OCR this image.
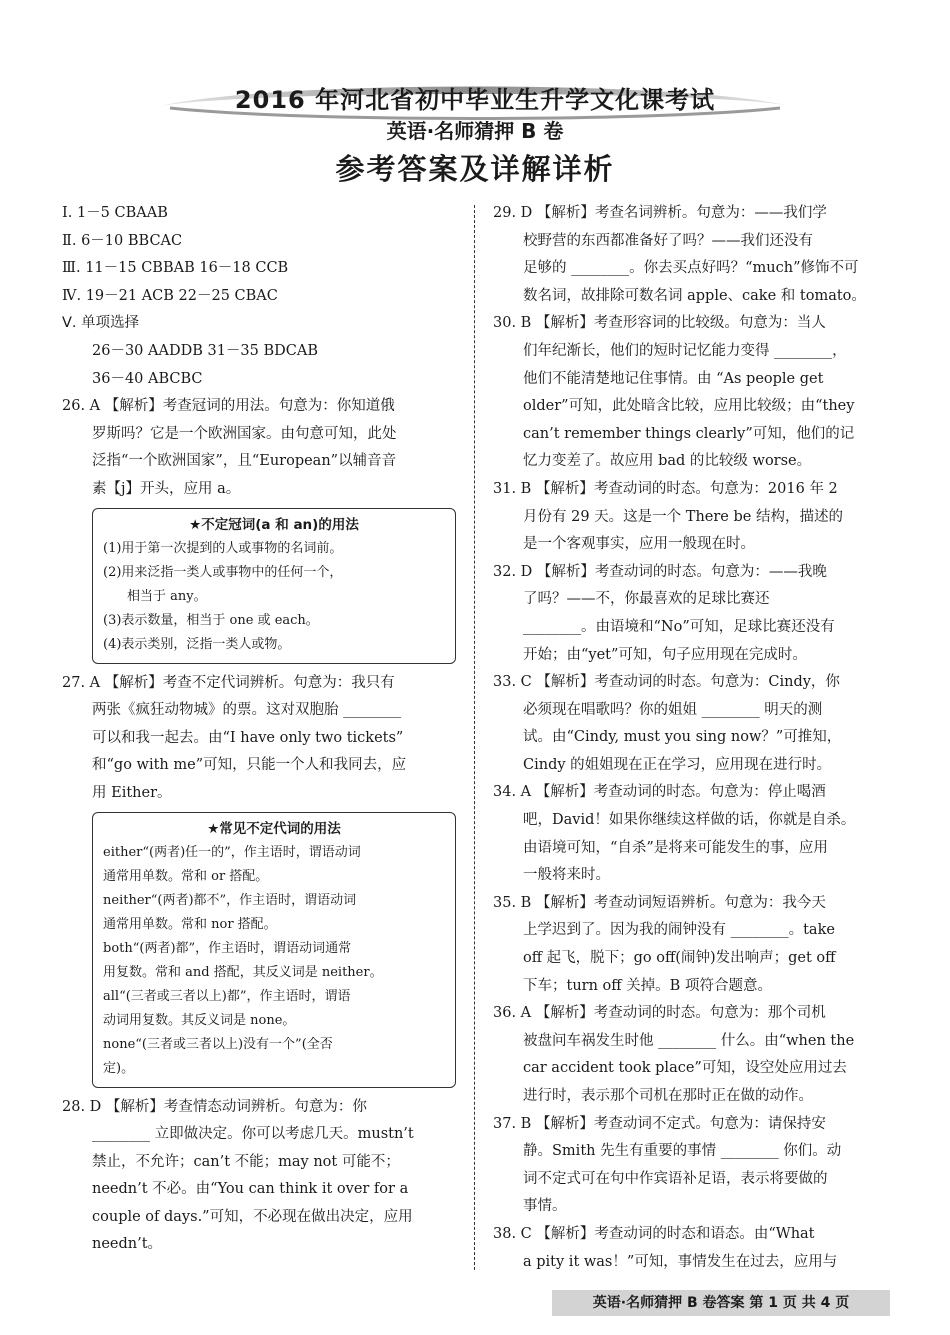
2016 年河北省初中毕业生升学文化课考试
英语·名师猜押 B 卷
参考答案及详解详析
Ⅰ. 1－5 CBAAB
Ⅱ. 6－10 BBCAC
Ⅲ. 11－15 CBBAB 16－18 CCB
Ⅳ. 19－21 ACB 22－25 CBAC
Ⅴ. 单项选择
26－30 AADDB 31－35 BDCAB
36－40 ABCBC
26. A 【解析】考查冠词的用法。句意为：你知道俄
罗斯吗？它是一个欧洲国家。由句意可知，此处
泛指“一个欧洲国家”，且“European”以辅音音
素【j】开头，应用 a。
★不定冠词(a 和 an)的用法
(1)用于第一次提到的人或事物的名词前。
(2)用来泛指一类人或事物中的任何一个，
相当于 any。
(3)表示数量，相当于 one 或 each。
(4)表示类别，泛指一类人或物。
27. A 【解析】考查不定代词辨析。句意为：我只有
两张《疯狂动物城》的票。这对双胞胎 ________
可以和我一起去。由“I have only two tickets”
和“go with me”可知，只能一个人和我同去，应
用 Either。
★常见不定代词的用法
either“(两者)任一的”，作主语时，谓语动词
通常用单数。常和 or 搭配。
neither“(两者)都不”，作主语时，谓语动词
通常用单数。常和 nor 搭配。
both“(两者)都”，作主语时，谓语动词通常
用复数。常和 and 搭配，其反义词是 neither。
all“(三者或三者以上)都”，作主语时，谓语
动词用复数。其反义词是 none。
none“(三者或三者以上)没有一个”(全否
定)。
28. D 【解析】考查情态动词辨析。句意为：你
________ 立即做决定。你可以考虑几天。mustn’t
禁止，不允许；can’t 不能；may not 可能不；
needn’t 不必。由“You can think it over for a
couple of days.”可知，不必现在做出决定，应用
needn’t。
29. D 【解析】考查名词辨析。句意为：——我们学
校野营的东西都准备好了吗？——我们还没有
足够的 ________。你去买点好吗？“much”修饰不可
数名词，故排除可数名词 apple、cake 和 tomato。
30. B 【解析】考查形容词的比较级。句意为：当人
们年纪渐长，他们的短时记忆能力变得 ________，
他们不能清楚地记住事情。由 “As people get
older”可知，此处暗含比较，应用比较级；由“they
can’t remember things clearly”可知，他们的记
忆力变差了。故应用 bad 的比较级 worse。
31. B 【解析】考查动词的时态。句意为：2016 年 2
月份有 29 天。这是一个 There be 结构，描述的
是一个客观事实，应用一般现在时。
32. D 【解析】考查动词的时态。句意为：——我晚
了吗？——不，你最喜欢的足球比赛还
________。由语境和“No”可知，足球比赛还没有
开始；由“yet”可知，句子应用现在完成时。
33. C 【解析】考查动词的时态。句意为：Cindy，你
必须现在唱歌吗？你的姐姐 ________ 明天的测
试。由“Cindy, must you sing now？”可推知，
Cindy 的姐姐现在正在学习，应用现在进行时。
34. A 【解析】考查动词的时态。句意为：停止喝酒
吧，David！如果你继续这样做的话，你就是自杀。
由语境可知，“自杀”是将来可能发生的事，应用
一般将来时。
35. B 【解析】考查动词短语辨析。句意为：我今天
上学迟到了。因为我的闹钟没有 ________。take
off 起飞，脱下；go off(闹钟)发出响声；get off
下车；turn off 关掉。B 项符合题意。
36. A 【解析】考查动词的时态。句意为：那个司机
被盘问车祸发生时他 ________ 什么。由“when the
car accident took place”可知，设空处应用过去
进行时，表示那个司机在那时正在做的动作。
37. B 【解析】考查动词不定式。句意为：请保持安
静。Smith 先生有重要的事情 ________ 你们。动
词不定式可在句中作宾语补足语，表示将要做的
事情。
38. C 【解析】考查动词的时态和语态。由“What
a pity it was！”可知，事情发生在过去，应用与
英语·名师猜押 B 卷答案 第 1 页 共 4 页
